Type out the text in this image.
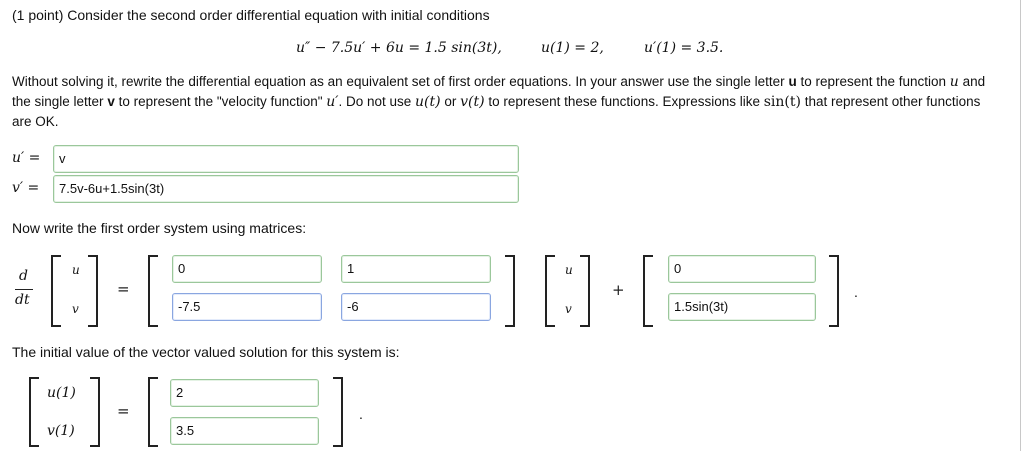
(1 point) Consider the second order differential equation with initial conditions
u″ − 7.5u′ + 6u = 1.5 sin(3t),	u(1) = 2,	u′(1) = 3.5.
Without solving it, rewrite the differential equation as an equivalent set of first order equations. In your answer use the single letter u to represent the function u and
the single letter v to represent the "velocity function" u′. Do not use u(t) or v(t) to represent these functions. Expressions like sin(t) that represent other functions
are OK.
u′ =	v
v′ =	7.5v-6u+1.5sin(3t)
Now write the first order system using matrices:
d
dt
u
v
=
0	1
-7.5	-6
u
v
+
0
1.5sin(3t)
.
The initial value of the vector valued solution for this system is:
u(1)
v(1)
=
2
3.5
.
